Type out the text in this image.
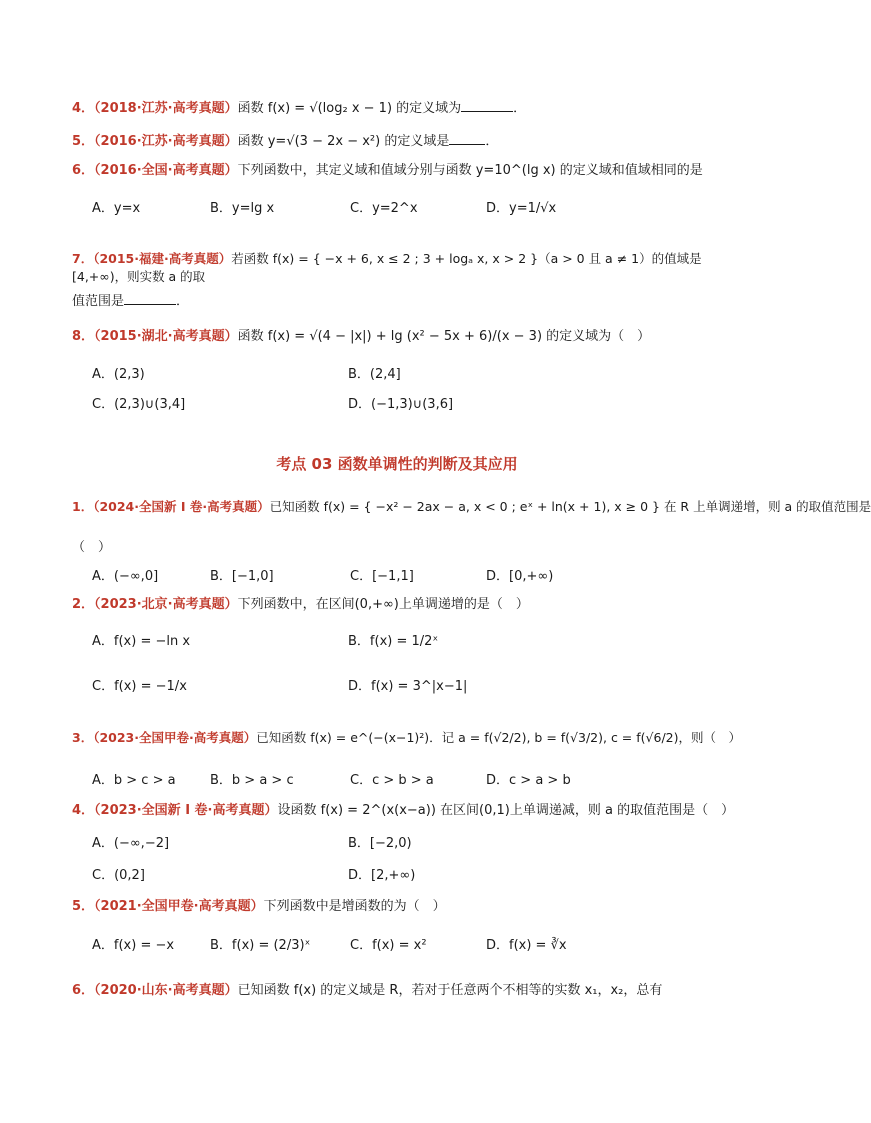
4．（2018·江苏·高考真题）函数 f(x) = √(log₂ x − 1) 的定义域为	．
5．（2016·江苏·高考真题）函数 y=√(3 − 2x − x²) 的定义域是	．
6．（2016·全国·高考真题）下列函数中，其定义域和值域分别与函数 y=10^(lg x) 的定义域和值域相同的是
A．y=x	B．y=lg x	C．y=2^x	D．y=1/√x
7．（2015·福建·高考真题）若函数 f(x) = { −x + 6, x ≤ 2 ; 3 + logₐ x, x > 2 }（a > 0 且 a ≠ 1）的值域是[4,+∞)，则实数 a 的取
值范围是	．
8．（2015·湖北·高考真题）函数 f(x) = √(4 − |x|) + lg (x² − 5x + 6)/(x − 3) 的定义域为（　）
A．(2,3)	B．(2,4]
C．(2,3)∪(3,4]	D．(−1,3)∪(3,6]
考点 03 函数单调性的判断及其应用
1．（2024·全国新 I 卷·高考真题）已知函数 f(x) = { −x² − 2ax − a, x < 0 ; eˣ + ln(x + 1), x ≥ 0 } 在 R 上单调递增，则 a 的取值范围是
（　）
A．(−∞,0]	B．[−1,0]	C．[−1,1]	D．[0,+∞)
2．（2023·北京·高考真题）下列函数中，在区间(0,+∞)上单调递增的是（　）
A．f(x) = −ln x	B．f(x) = 1/2ˣ
C．f(x) = −1/x	D．f(x) = 3^|x−1|
3．（2023·全国甲卷·高考真题）已知函数 f(x) = e^(−(x−1)²)．记 a = f(√2/2), b = f(√3/2), c = f(√6/2)，则（　）
A．b > c > a	B．b > a > c	C．c > b > a	D．c > a > b
4．（2023·全国新 I 卷·高考真题）设函数 f(x) = 2^(x(x−a)) 在区间(0,1)上单调递减，则 a 的取值范围是（　）
A．(−∞,−2]	B．[−2,0)
C．(0,2]	D．[2,+∞)
5．（2021·全国甲卷·高考真题）下列函数中是增函数的为（　）
A．f(x) = −x	B．f(x) = (2/3)ˣ	C．f(x) = x²	D．f(x) = ∛x
6．（2020·山东·高考真题）已知函数 f(x) 的定义域是 R，若对于任意两个不相等的实数 x₁，x₂，总有
